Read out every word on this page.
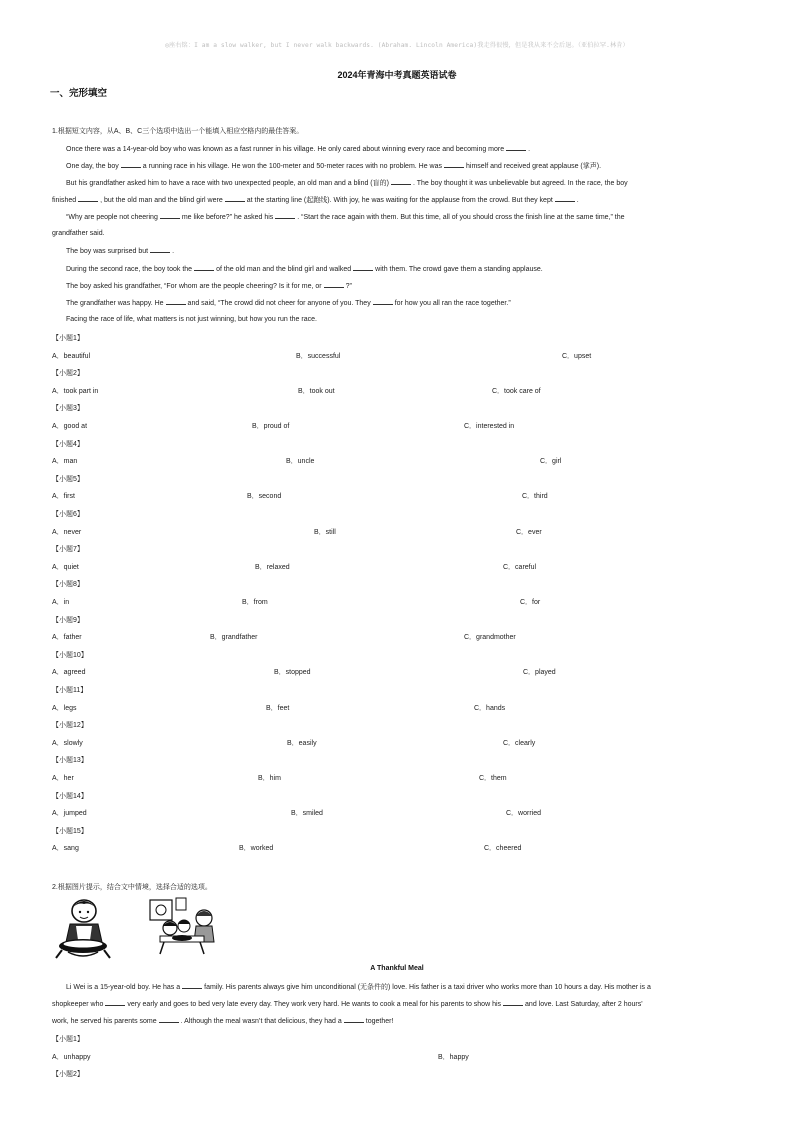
◎座右铭：I am a slow walker, but I never walk backwards. (Abraham. Lincoln America)我走得很慢，但是我从来不会后退。（亚伯拉罕.林肯）
2024年青海中考真题英语试卷
一、完形填空
1.根据短文内容，从A、B、C三个选项中选出一个能填入相应空格内的最佳答案。
Once there was a 14-year-old boy who was known as a fast runner in his village. He only cared about winning every race and becoming more	.
One day, the boy	a running race in his village. He won the 100-meter and 50-meter races with no problem. He was	himself and received great applause (掌声).
But his grandfather asked him to have a race with two unexpected people, an old man and a blind (盲的)	. The boy thought it was unbelievable but agreed. In the race, the boy
finished	, but the old man and the blind girl were	at the starting line (起跑线). With joy, he was waiting for the applause from the crowd. But they kept	.
“Why are people not cheering	me like before?” he asked his	. “Start the race again with them. But this time, all of you should cross the finish line at the same time,” the
grandfather said.
The boy was surprised but	.
During the second race, the boy took the	of the old man and the blind girl and walked	with them. The crowd gave them a standing applause.
The boy asked his grandfather, “For whom are the people cheering? Is it for me, or	?”
The grandfather was happy. He	and said, “The crowd did not cheer for anyone of you. They	for how you all ran the race together.”
Facing the race of life, what matters is not just winning, but how you run the race.
【小题1】
A．beautiful	B．successful	C．upset
【小题2】
A．took part in	B．took out	C．took care of
【小题3】
A．good at	B．proud of	C．interested in
【小题4】
A．man	B．uncle	C．girl
【小题5】
A．first	B．second	C．third
【小题6】
A．never	B．still	C．ever
【小题7】
A．quiet	B．relaxed	C．careful
【小题8】
A．in	B．from	C．for
【小题9】
A．father	B．grandfather	C．grandmother
【小题10】
A．agreed	B．stopped	C．played
【小题11】
A．legs	B．feet	C．hands
【小题12】
A．slowly	B．easily	C．clearly
【小题13】
A．her	B．him	C．them
【小题14】
A．jumped	B．smiled	C．worried
【小题15】
A．sang	B．worked	C．cheered
2.根据图片提示，结合文中情境，选择合适的选项。
A Thankful Meal
Li Wei is a 15-year-old boy. He has a	family. His parents always give him unconditional (无条件的) love. His father is a taxi driver who works more than 10 hours a day. His mother is a
shopkeeper who	very early and goes to bed very late every day. They work very hard. He wants to cook a meal for his parents to show his	and love. Last Saturday, after 2 hours'
work, he served his parents some	. Although the meal wasn’t that delicious, they had a	together!
【小题1】
A．unhappy	B．happy
【小题2】
